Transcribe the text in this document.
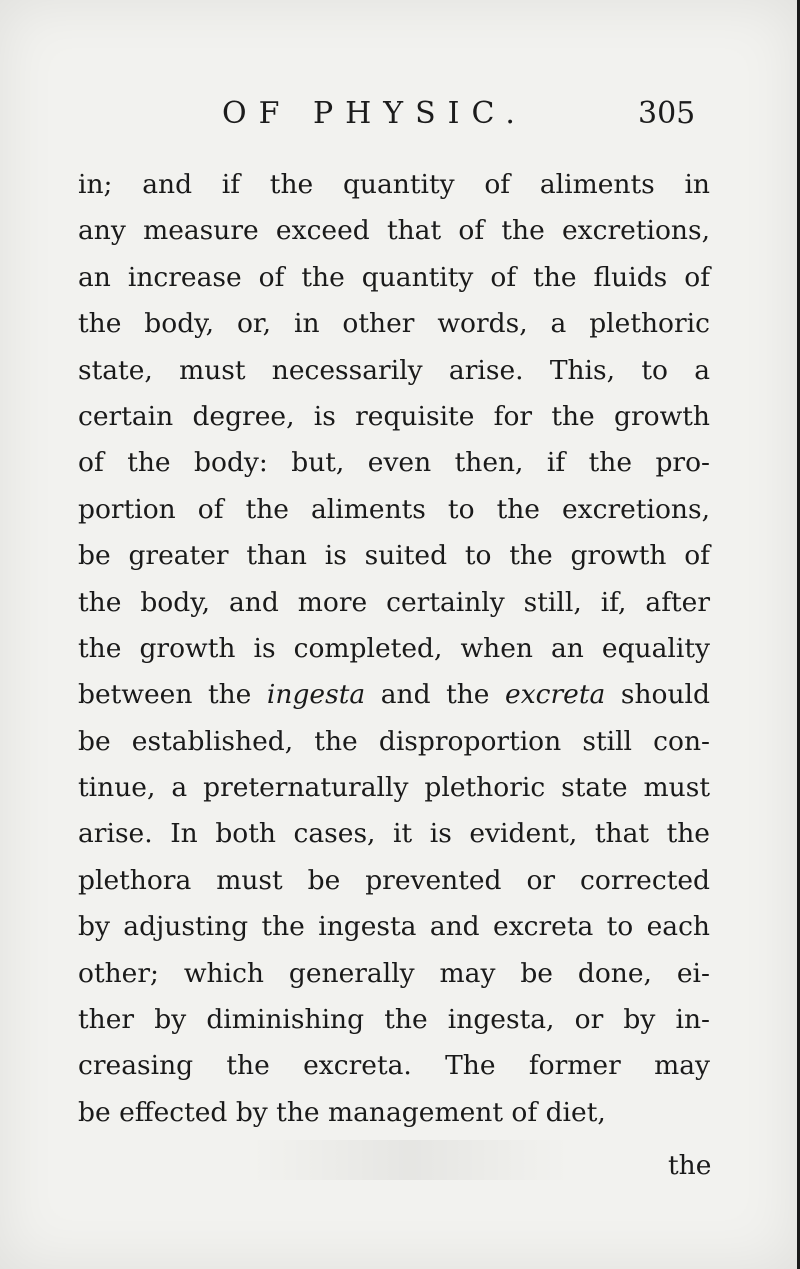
OF PHYSIC.	305
in; and if the quantity of aliments in
any measure exceed that of the excretions,
an increase of the quantity of the fluids of
the body, or, in other words, a plethoric
state, must necessarily arise. This, to a
certain degree, is requisite for the growth
of the body: but, even then, if the pro-
portion of the aliments to the excretions,
be greater than is suited to the growth of
the body, and more certainly still, if, after
the growth is completed, when an equality
between the ingesta and the excreta should
be established, the disproportion still con-
tinue, a preternaturally plethoric state must
arise. In both cases, it is evident, that the
plethora must be prevented or corrected
by adjusting the ingesta and excreta to each
other; which generally may be done, ei-
ther by diminishing the ingesta, or by in-
creasing the excreta. The former may
be effected by the management of diet,
the
